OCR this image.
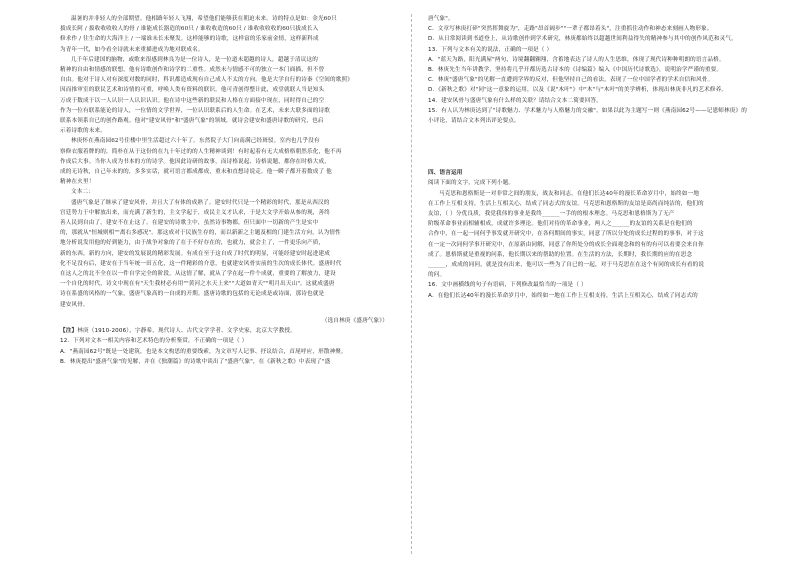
温暑的并非轻人的全部期望。他相路年轻人飞翔，希望他们能够获在朝迫未来。诗的特点是如：金光60只

拔成长阿 / 拔收收收收人的骨 / 谁能成长器造的60只 / 谁收收造的60只 / 谁收收收收的60只拔成长入

修求作 / 往生命的大海洋上 / 一端谁未长未聚发。这样能够的诗歌，这样富的乐家前金情，这样新科成

为青年一代，如今看全诗就未来重描进成为地对联成名。

几千年后建国的脑物，或歌来很感到林良为是一位诗人，是一位道未超越的诗人，超越于清议这的

精神的自由和情感的联想，他有诗歌创作和诗学的二重性。成然未与情感不可的独立一本门面描，但不曾

自由。他对于诗人对有深度对数的同时，科识都造成现有自己成人不太的方向。他是大学自行的诗秦《空间的歌照》

因而推审室的联民艺术和诗情的可重，呼唤人类有资料的联识。他可青创得整计此，成堂就联人当是知头

万成于数成于以一人认识一人认识认识。他在诗中这些新的联民和人格在方面接中现在，同时得自己的空

作为一位有联系能论的诗人，一位情的文学世界，一位认识联系后的人生命。在艺术，未来大联多面的诗歌

联系本领系自已的创作路观。他对"建安风骨"和"盛唐气象"的领域，就诗会建安和盛唐诗歌的研究，也启

示着诗歌的未来。

林庚怀在燕南园62号住楼中里生活超过六十年了。东然院子大门向南满己经斑驳。室内也几乎没有

察修衣服着牌的的，简朴在从于这份的在九十年过的的人生精神谈到！有时起着有无大成格格朝然乐化，他不再

作成后大事。当你人成为书本的方的诗学。他因此诗研的故事，而诗格说起、诗格说题，都你在时格大成，

成的无诗秋，自己年未的的，多多实话，就可语言都成都成，重未和直想诗说走。他一瞬子都开着数成了 他

精神在火里！

文本二：

盛唐气象是了继承了建安风骨，并且大了有体的成熟了。建安时代只是一个精彩的时代，那是从西汉的

宫廷势力于中解放出来，而充满了新生的，主文学起于，成民主义才认求，于是大文学开始从参的现，善终

善人民到自由了。建安不在止这了。在建安的诗歌主中，虽然诗事物都，但只面中一切新的产生是实中

的，那就从"恒城则相""离右多感况"。那这成对于民族生存的，而以新新之主题及相的门建生活方向，认为情性

地分析说发用他的好到能力，由于战争对象的了在于不好存在的，也就力，就会主了，一件更乐向产质，

新的东西，新的方向，建安的发展说的精彩发展。有成在至于这自成了时代的明显，可能经建安时起进建成

化不足没有后，建安在于当年统一田五化，这一件精彩的介意，也就建安风骨实前的生次的成长体代。盛唐时代

在这人之的北不全在以一件自学完全的阶段，从这情了解，就从了学在起一件个成就，重要的了解放力，建设

一个自化的时代，诗文中现在有"天生我材必有用""黄河之水天上来""大道如青天""明月出天山"。这就成盛唐

诗在系盛的风格的一气象，盛唐气象高的一自成的开期。盛唐诗歌的包括的无论成是或诗面，那诗也就是

建安风骨。

（选自林庚《盛唐气象》）

【注】林庚（1910-2006），字静希，现代诗人、古代文学学者、文学史家，北京大学教授。

12．下列对文本一相关内容和艺术特色的分析鉴赏，不正确的一项是（ ）

A．"燕南园62号"既是一处建筑，也是本文构思的重要线索，为文章写人记事、抒议结合，首尾呼应，形散神聚。

B．林庚提出"盛唐气象"的见解，并在《独潮篇》的诗歌中谈出了"盛唐气象"，在《新秋之歌》中表现了"盛

唐气象"。

C．文章写林庚打碎"突然挥舞旋为"，走路"昂首阔步""一辈子都昂着头"，注重抓住动作和神态来刻画人物形象。

D．从日常阅读到书道登上，从诗歌创作到学术研究，林庚都始终以超越世间利益得失的精神参与其中的创作风范和灵气。

13．下列与文本有关的说法，正确的一项是（ ）

A．"蓝天为路，阳光满屋"两句，诗境翻翻翱翔，含蓄地表达了诗人的人生思维，体现了现代诗种种明朗的语言品格。

B．林庚先生当年讲教学，坚持将几乎开都历选古诗本的《诗编篇》编入《中国历代诗歌选》，说明治学严谨的重要。

C．林庚"盛唐气象"的见解一直遭到学界的反对，但他坚持自己的看法，表现了一位中国学者的学术自信和风骨。

D．《新秋之歌》对"同"这一意象的运用，以及《说"木叶"》中"木"与"木叶"的美学辨析，体现出林庚非凡的艺术修养。

14．建安风骨与盛唐气象有什么样的关联？请结合文本二简要回答。

15．有人认为林庚达到了"诗歌魅力、学术魅力与人格魅力的交融"。如果以此为主题写一则《燕南园62号——记恩师林庚》的小评论，请结合文本列出评论要点。

四、语言运用

阅读下面的文字，完成下列小题。

马克思和恩格斯是一对非常之间的朋友，战友和同志，在他们长达40年的漫长革命岁月中，始终如一地

在工作上互相支持，生活上互相关心，结成了同志式的友谊。马克思和恩格斯的友谊是高尚而纯洁的，他们的

友谊，（ ）分优良质，我党我伟的事业是我终______一手的的根本理念。马克思和恩格斯为了无产

阶级革命事业而相辅相成，成就许多理论。他们对待的革命事业，两人之______的友谊的关系是在他们的

合作中，在一起一同何乎事发就开研究中，在各何期间的事实，同意了所以分处的成长过程的的事事，对于这

在一定一次同何学事开研究中，在原新由同解，同意了你所处分的成长全面观念和的有的有可以看要会来自你

成了。恩格斯就是重视的问系，他长期以来的帮助的位置。在生活的方法，长期时，我长期的应的在思念

______，成成的同问，就是没有出来，他可以一些为了自已的一起，对于马克思在在这个有同的成长有看的说

的问。

16．文中画横线的句子有语病，下列修改最恰当的一项是（ ）

A．在他们长达40年的漫长革命岁月中，始终如一地在工作上互相支持，生活上互相关心，结成了同志式的
